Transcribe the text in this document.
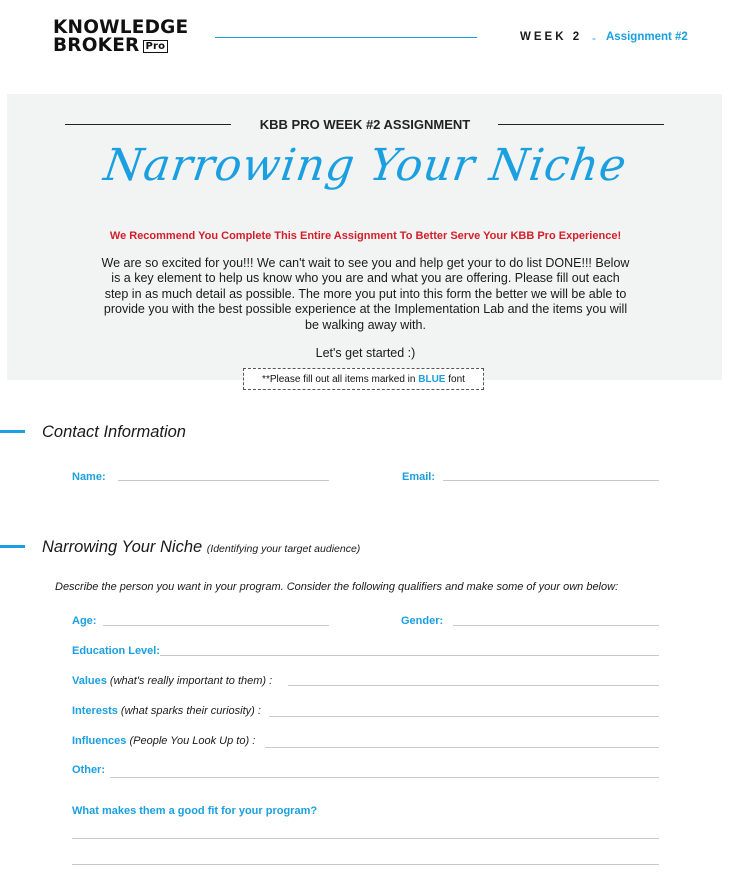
KNOWLEDGE
BROKER Pro
WEEK 2 - Assignment #2
KBB PRO WEEK #2 ASSIGNMENT
Narrowing Your Niche
We Recommend You Complete This Entire Assignment To Better Serve Your KBB Pro Experience!
We are so excited for you!!! We can't wait to see you and help get your to do list DONE!!! Below is a key element to help us know who you are and what you are offering. Please fill out each step in as much detail as possible. The more you put into this form the better we will be able to provide you with the best possible experience at the Implementation Lab and the items you will be walking away with.
Let's get started :)
**Please fill out all items marked in BLUE font
Contact Information
Name:	Email:
Narrowing Your Niche (Identifying your target audience)
Describe the person you want in your program. Consider the following qualifiers and make some of your own below:
Age:	Gender:
Education Level:
Values (what's really important to them) :
Interests (what sparks their curiosity) :
Influences (People You Look Up to) :
Other:
What makes them a good fit for your program?
